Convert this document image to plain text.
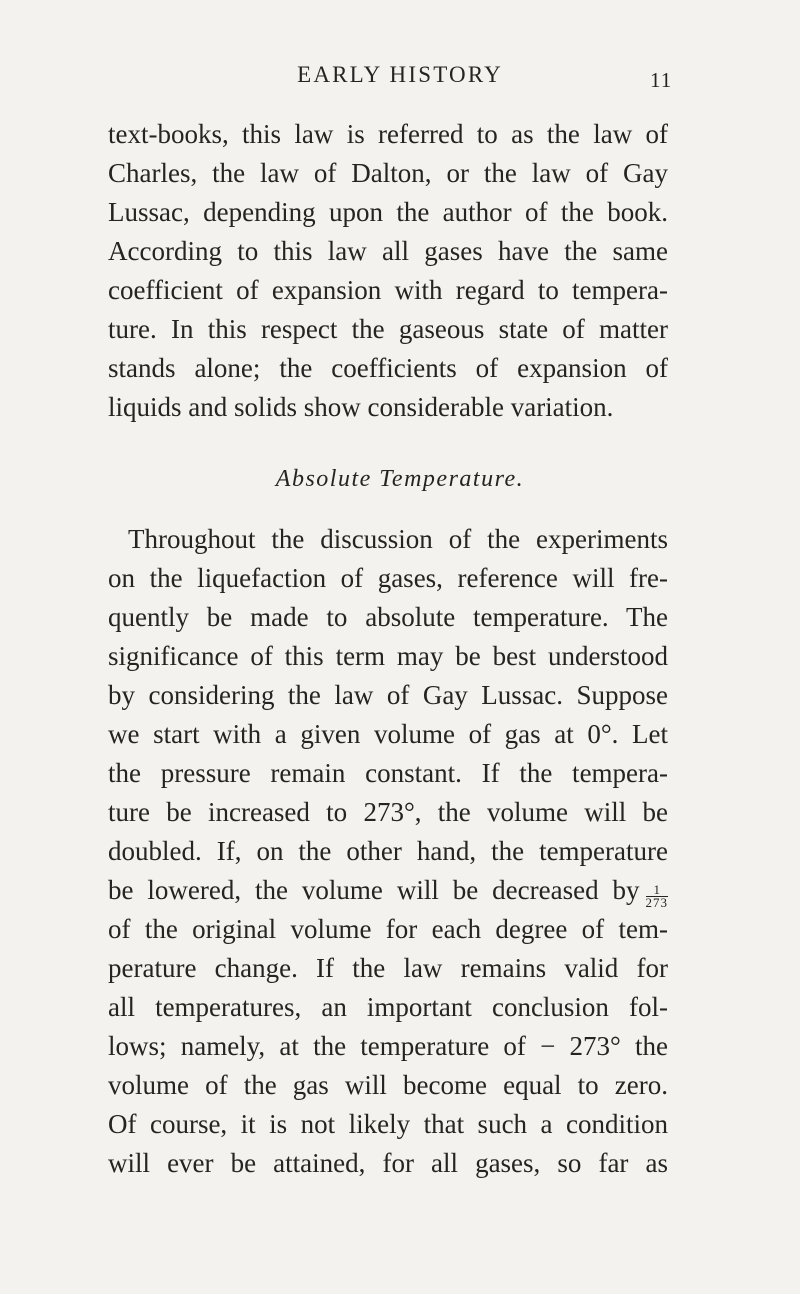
EARLY HISTORY	11
text-books, this law is referred to as the law of
Charles, the law of Dalton, or the law of Gay
Lussac, depending upon the author of the book.
According to this law all gases have the same
coefficient of expansion with regard to tempera-
ture. In this respect the gaseous state of matter
stands alone; the coefficients of expansion of
liquids and solids show considerable variation.
Absolute Temperature.
Throughout the discussion of the experiments
on the liquefaction of gases, reference will fre-
quently be made to absolute temperature. The
significance of this term may be best understood
by considering the law of Gay Lussac. Suppose
we start with a given volume of gas at 0°. Let
the pressure remain constant. If the tempera-
ture be increased to 273°, the volume will be
doubled. If, on the other hand, the temperature
be lowered, the volume will be decreased by $\frac{1}{273}$
of the original volume for each degree of tem-
perature change. If the law remains valid for
all temperatures, an important conclusion fol-
lows; namely, at the temperature of − 273° the
volume of the gas will become equal to zero.
Of course, it is not likely that such a condition
will ever be attained, for all gases, so far as
